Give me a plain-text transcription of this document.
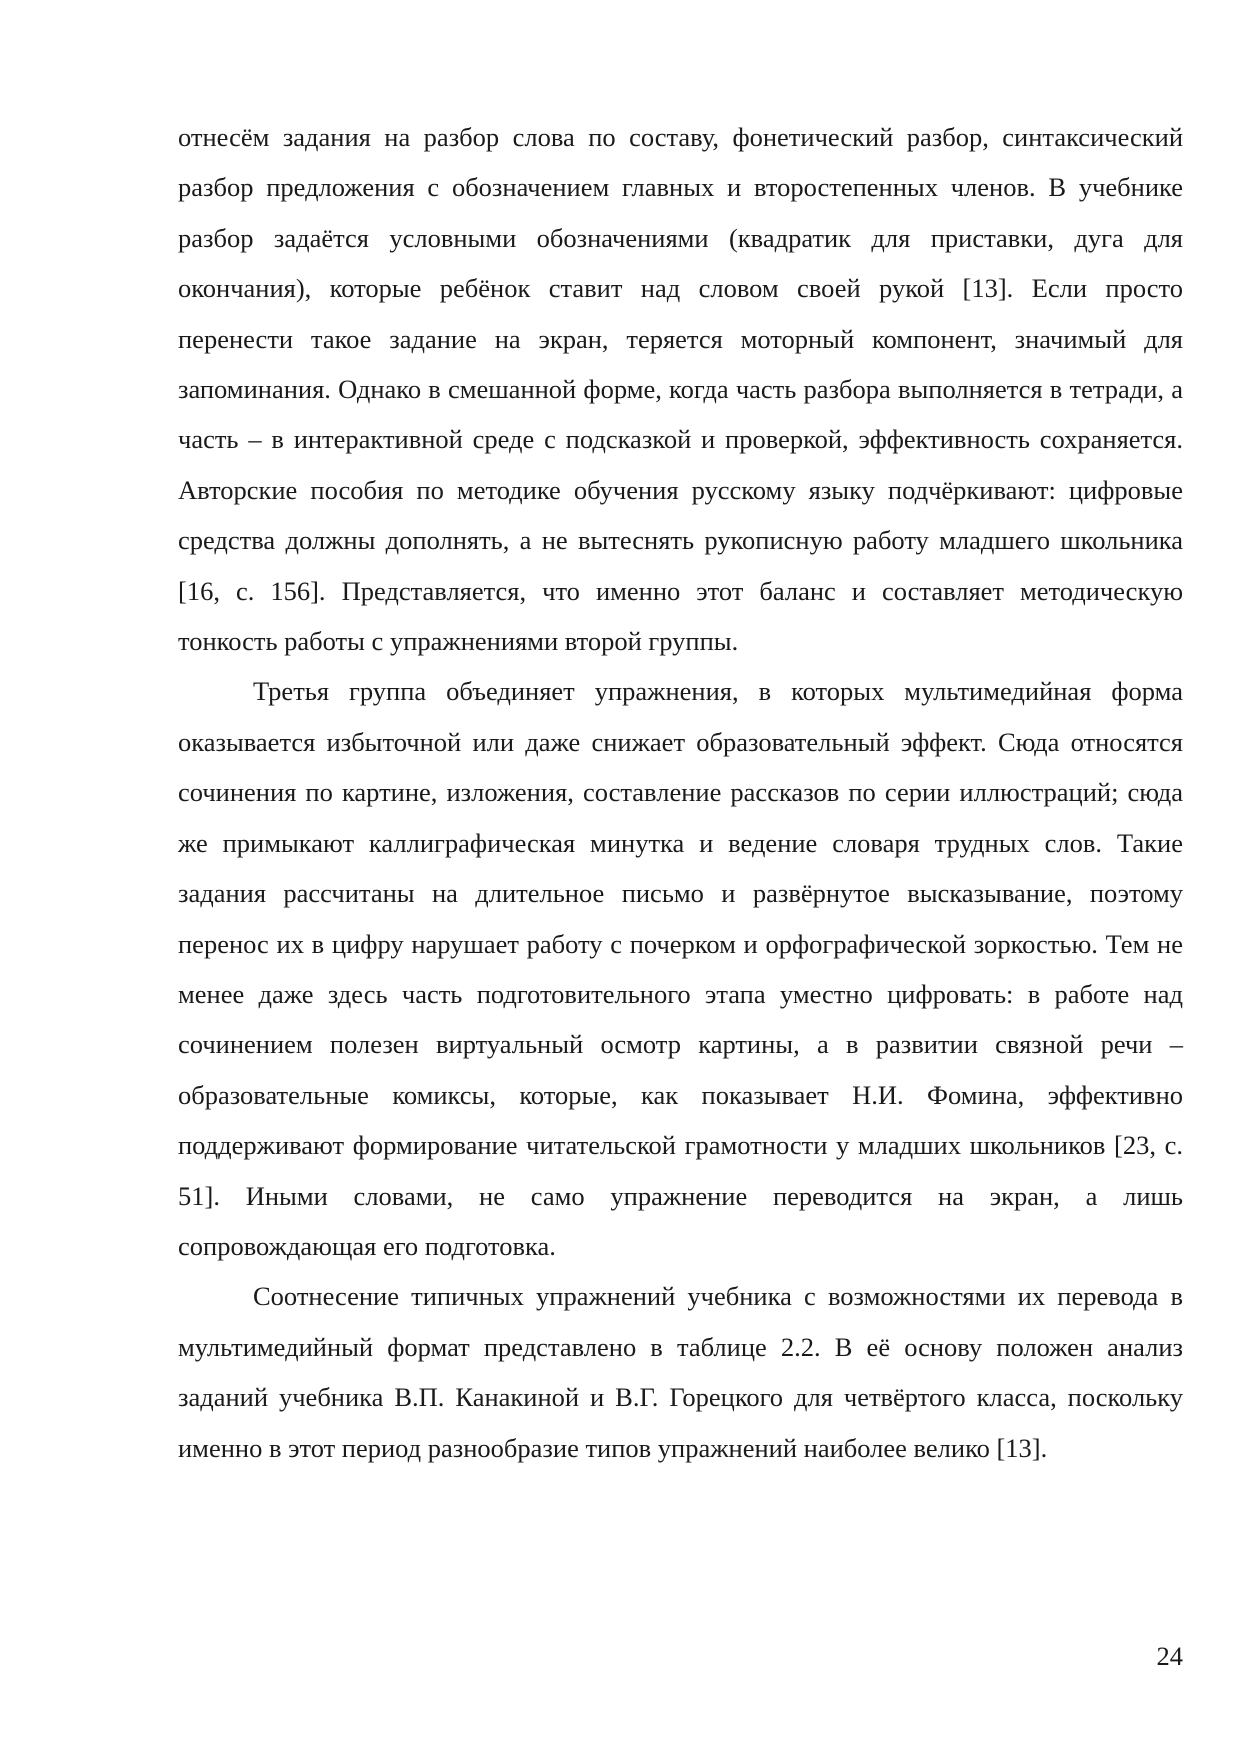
отнесём задания на разбор слова по составу, фонетический разбор, синтаксический разбор предложения с обозначением главных и второстепенных членов. В учебнике разбор задаётся условными обозначениями (квадратик для приставки, дуга для окончания), которые ребёнок ставит над словом своей рукой [13]. Если просто перенести такое задание на экран, теряется моторный компонент, значимый для запоминания. Однако в смешанной форме, когда часть разбора выполняется в тетради, а часть – в интерактивной среде с подсказкой и проверкой, эффективность сохраняется. Авторские пособия по методике обучения русскому языку подчёркивают: цифровые средства должны дополнять, а не вытеснять рукописную работу младшего школьника [16, с. 156]. Представляется, что именно этот баланс и составляет методическую тонкость работы с упражнениями второй группы.

Третья группа объединяет упражнения, в которых мультимедийная форма оказывается избыточной или даже снижает образовательный эффект. Сюда относятся сочинения по картине, изложения, составление рассказов по серии иллюстраций; сюда же примыкают каллиграфическая минутка и ведение словаря трудных слов. Такие задания рассчитаны на длительное письмо и развёрнутое высказывание, поэтому перенос их в цифру нарушает работу с почерком и орфографической зоркостью. Тем не менее даже здесь часть подготовительного этапа уместно цифровать: в работе над сочинением полезен виртуальный осмотр картины, а в развитии связной речи – образовательные комиксы, которые, как показывает Н.И. Фомина, эффективно поддерживают формирование читательской грамотности у младших школьников [23, с. 51]. Иными словами, не само упражнение переводится на экран, а лишь сопровождающая его подготовка.

Соотнесение типичных упражнений учебника с возможностями их перевода в мультимедийный формат представлено в таблице 2.2. В её основу положен анализ заданий учебника В.П. Канакиной и В.Г. Горецкого для четвёртого класса, поскольку именно в этот период разнообразие типов упражнений наиболее велико [13].

24
